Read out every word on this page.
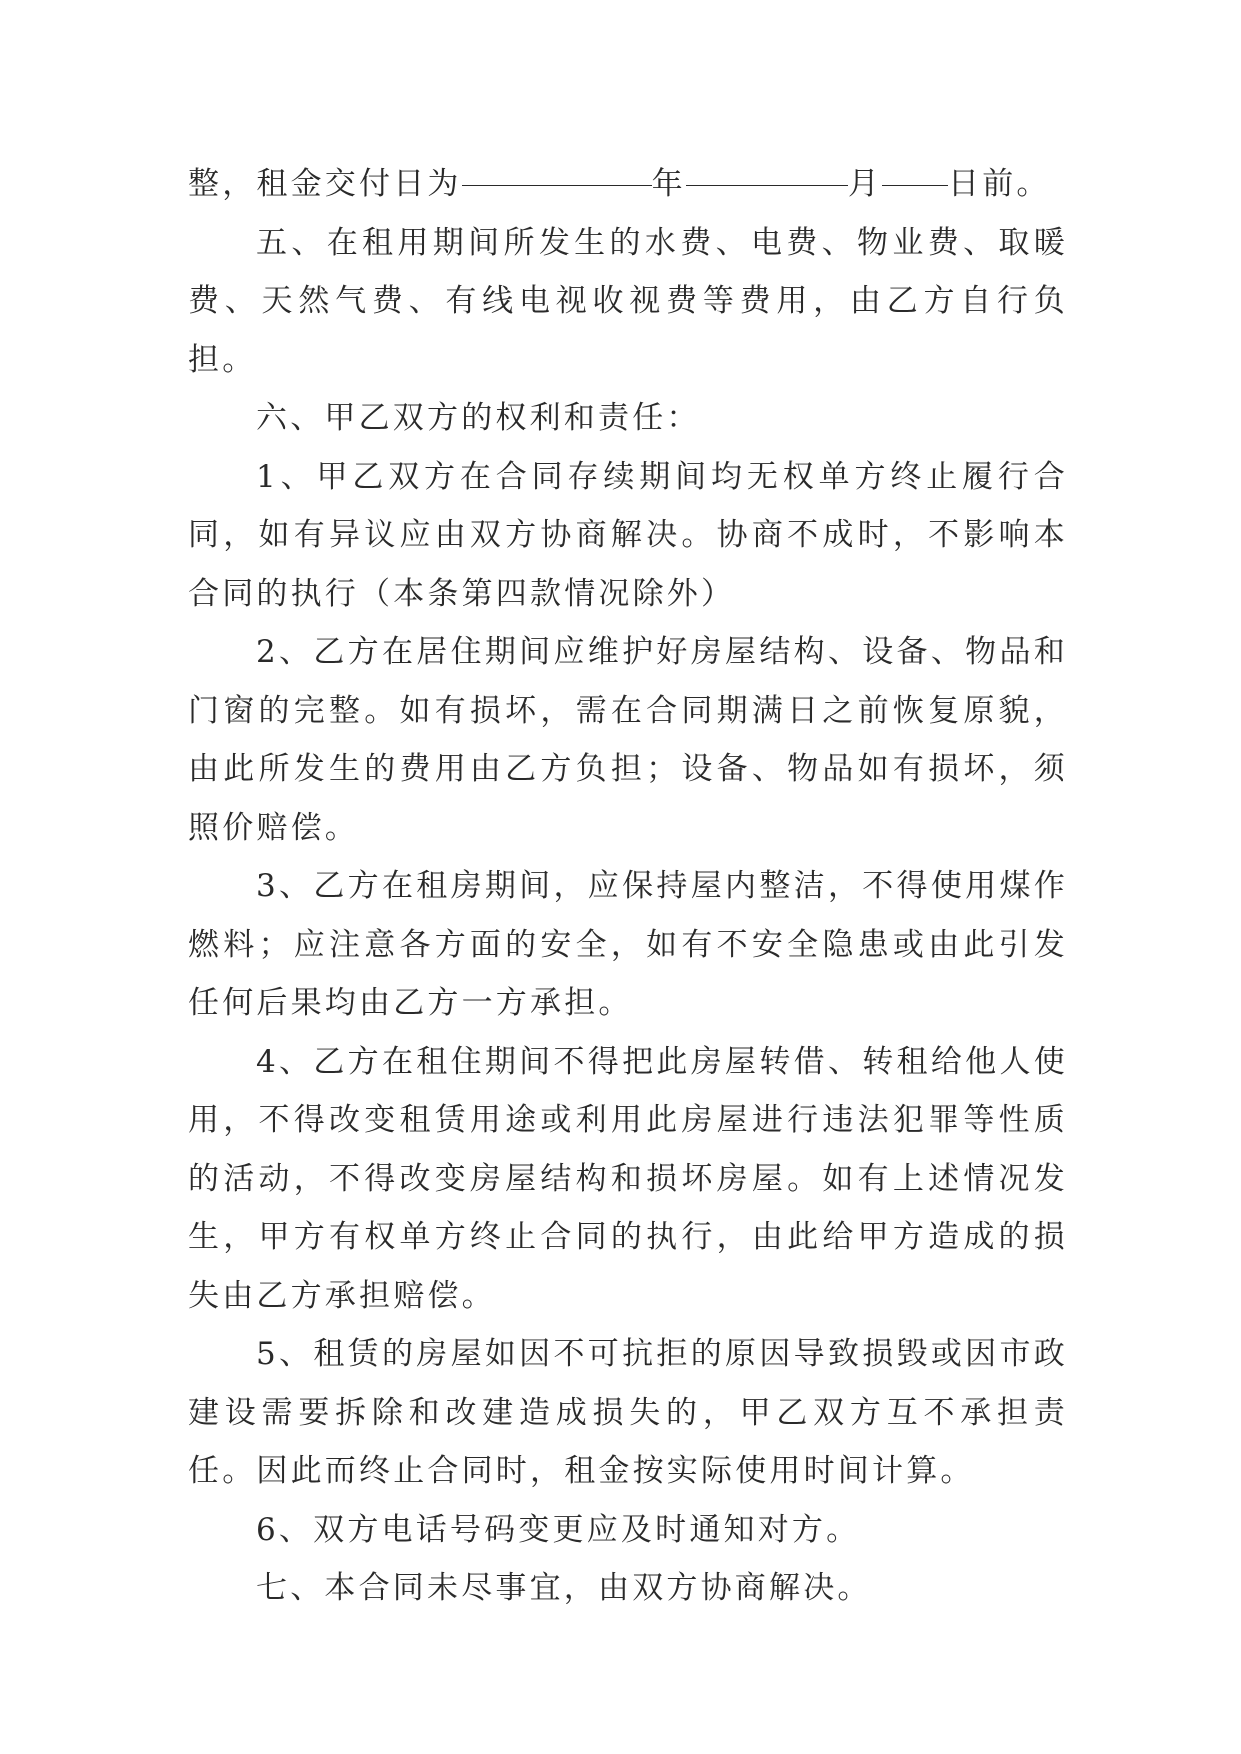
整，租金交付日为	年	月 日前。

五、在租用期间所发生的水费、电费、物业费、取暖费、天然气费、有线电视收视费等费用，由乙方自行负担。

六、甲乙双方的权利和责任：

1、甲乙双方在合同存续期间均无权单方终止履行合同，如有异议应由双方协商解决。协商不成时，不影响本合同的执行（本条第四款情况除外）

2、乙方在居住期间应维护好房屋结构、设备、物品和门窗的完整。如有损坏，需在合同期满日之前恢复原貌，由此所发生的费用由乙方负担；设备、物品如有损坏，须照价赔偿。

3、乙方在租房期间，应保持屋内整洁，不得使用煤作燃料；应注意各方面的安全，如有不安全隐患或由此引发任何后果均由乙方一方承担。

4、乙方在租住期间不得把此房屋转借、转租给他人使用，不得改变租赁用途或利用此房屋进行违法犯罪等性质的活动，不得改变房屋结构和损坏房屋。如有上述情况发生，甲方有权单方终止合同的执行，由此给甲方造成的损失由乙方承担赔偿。

5、租赁的房屋如因不可抗拒的原因导致损毁或因市政建设需要拆除和改建造成损失的，甲乙双方互不承担责任。因此而终止合同时，租金按实际使用时间计算。

6、双方电话号码变更应及时通知对方。

七、本合同未尽事宜，由双方协商解决。
